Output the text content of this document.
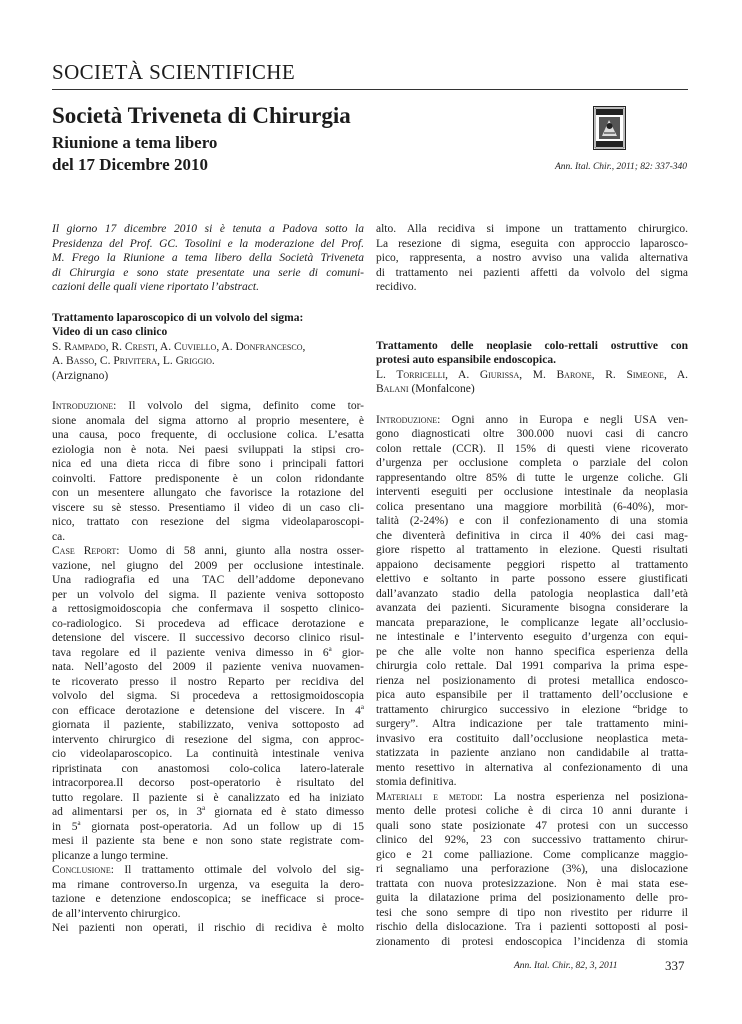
SOCIETÀ SCIENTIFICHE
Società Triveneta di Chirurgia
Riunione a tema libero
del 17 Dicembre 2010	Ann. Ital. Chir., 2011; 82: 337-340

Il giorno 17 dicembre 2010 si è tenuta a Padova sotto la

Presidenza del Prof. GC. Tosolini e la moderazione del Prof.

M. Frego la Riunione a tema libero della Società Triveneta

di Chirurgia e sono state presentate una serie di comuni-

cazioni delle quali viene riportato l’abstract.

Trattamento laparoscopico di un volvolo del sigma:

Video di un caso clinico

S. Rampado, R. Cresti, A. Cuviello, A. Donfrancesco,

A. Basso, C. Privitera, L. Griggio.

(Arzignano)

Introduzione: Il volvolo del sigma, definito come tor-

sione anomala del sigma attorno al proprio mesentere, è

una causa, poco frequente, di occlusione colica. L’esatta

eziologia non è nota. Nei paesi sviluppati la stipsi cro-

nica ed una dieta ricca di fibre sono i principali fattori

coinvolti. Fattore predisponente è un colon ridondante

con un mesentere allungato che favorisce la rotazione del

viscere su sè stesso. Presentiamo il video di un caso cli-

nico, trattato con resezione del sigma videolaparoscopi-

ca.

Case Report: Uomo di 58 anni, giunto alla nostra osser-

vazione, nel giugno del 2009 per occlusione intestinale.

Una radiografia ed una TAC dell’addome deponevano

per un volvolo del sigma. Il paziente veniva sottoposto

a rettosigmoidoscopia che confermava il sospetto clinico-

co-radiologico. Si procedeva ad efficace derotazione e

detensione del viscere. Il successivo decorso clinico risul-

tava regolare ed il paziente veniva dimesso in 6$^a$ gior-

nata. Nell’agosto del 2009 il paziente veniva nuovamen-

te ricoverato presso il nostro Reparto per recidiva del

volvolo del sigma. Si procedeva a rettosigmoidoscopia

con efficace derotazione e detensione del viscere. In 4$^a$

giornata il paziente, stabilizzato, veniva sottoposto ad

intervento chirurgico di resezione del sigma, con approc-

cio videolaparoscopico. La continuità intestinale veniva

ripristinata con anastomosi colo-colica latero-laterale

intracorporea.Il decorso post-operatorio è risultato del

tutto regolare. Il paziente si è canalizzato ed ha iniziato

ad alimentarsi per os, in 3$^a$ giornata ed è stato dimesso

in 5$^a$ giornata post-operatoria. Ad un follow up di 15

mesi il paziente sta bene e non sono state registrate com-

plicanze a lungo termine.

Conclusione: Il trattamento ottimale del volvolo del sig-

ma rimane controverso.In urgenza, va eseguita la dero-

tazione e detenzione endoscopica; se inefficace si proce-

de all’intervento chirurgico.

Nei pazienti non operati, il rischio di recidiva è molto

alto. Alla recidiva si impone un trattamento chirurgico.

La resezione di sigma, eseguita con approccio laparosco-

pico, rappresenta, a nostro avviso una valida alternativa

di trattamento nei pazienti affetti da volvolo del sigma

recidivo.

Trattamento delle neoplasie colo-rettali ostruttive con

protesi auto espansibile endoscopica.

L. Torricelli, A. Giurissa, M. Barone, R. Simeone, A.

Balani (Monfalcone)

Introduzione: Ogni anno in Europa e negli USA ven-

gono diagnosticati oltre 300.000 nuovi casi di cancro

colon rettale (CCR). Il 15% di questi viene ricoverato

d’urgenza per occlusione completa o parziale del colon

rappresentando oltre 85% di tutte le urgenze coliche. Gli

interventi eseguiti per occlusione intestinale da neoplasia

colica presentano una maggiore morbilità (6-40%), mor-

talità (2-24%) e con il confezionamento di una stomia

che diventerà definitiva in circa il 40% dei casi mag-

giore rispetto al trattamento in elezione. Questi risultati

appaiono decisamente peggiori rispetto al trattamento

elettivo e soltanto in parte possono essere giustificati

dall’avanzato stadio della patologia neoplastica dall’età

avanzata dei pazienti. Sicuramente bisogna considerare la

mancata preparazione, le complicanze legate all’occlusio-

ne intestinale e l’intervento eseguito d’urgenza con equi-

pe che alle volte non hanno specifica esperienza della

chirurgia colo rettale. Dal 1991 compariva la prima espe-

rienza nel posizionamento di protesi metallica endosco-

pica auto espansibile per il trattamento dell’occlusione e

trattamento chirurgico successivo in elezione “bridge to

surgery”. Altra indicazione per tale trattamento mini-

invasivo era costituito dall’occlusione neoplastica meta-

statizzata in paziente anziano non candidabile al tratta-

mento resettivo in alternativa al confezionamento di una

stomia definitiva.

Materiali e metodi: La nostra esperienza nel posiziona-

mento delle protesi coliche è di circa 10 anni durante i

quali sono state posizionate 47 protesi con un successo

clinico del 92%, 23 con successivo trattamento chirur-

gico e 21 come palliazione. Come complicanze maggio-

ri segnaliamo una perforazione (3%), una dislocazione

trattata con nuova protesizzazione. Non è mai stata ese-

guita la dilatazione prima del posizionamento delle pro-

tesi che sono sempre di tipo non rivestito per ridurre il

rischio della dislocazione. Tra i pazienti sottoposti al posi-

zionamento di protesi endoscopica l’incidenza di stomia

Ann. Ital. Chir., 82, 3, 2011	337
